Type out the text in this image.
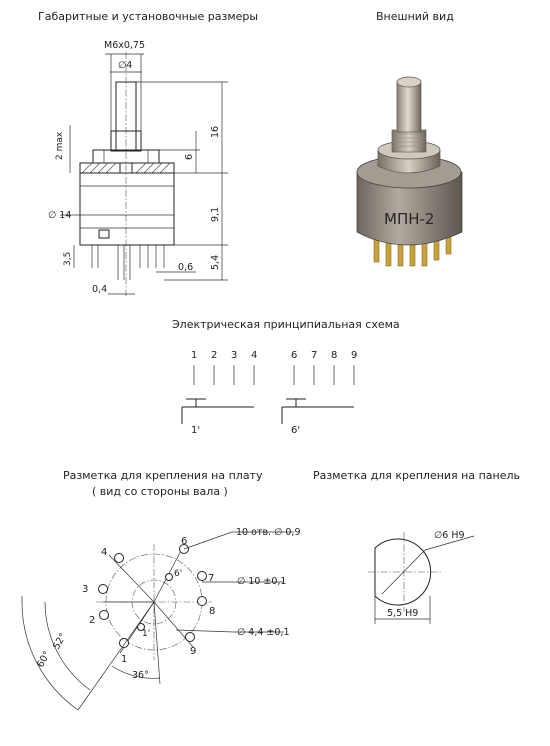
Габаритные и установочные размеры	Внешний вид
Электрическая принципиальная схема
Разметка для крепления на плату
( вид со стороны вала )
Разметка для крепления на панель
М6х0,75
∅4
16
6
9,1
5,4
2 max
∅ 14
3,5
0,6
0,4
МПН-2
1 2 3 4	6 7 8 9
1'	6'
4
3
2
1
6
7
8
9
6'
1'
10 отв. ∅ 0,9
∅ 10 ±0,1
∅ 4,4 ±0,1
36°
52°
60°
∅6 Н9
5,5 Н9
